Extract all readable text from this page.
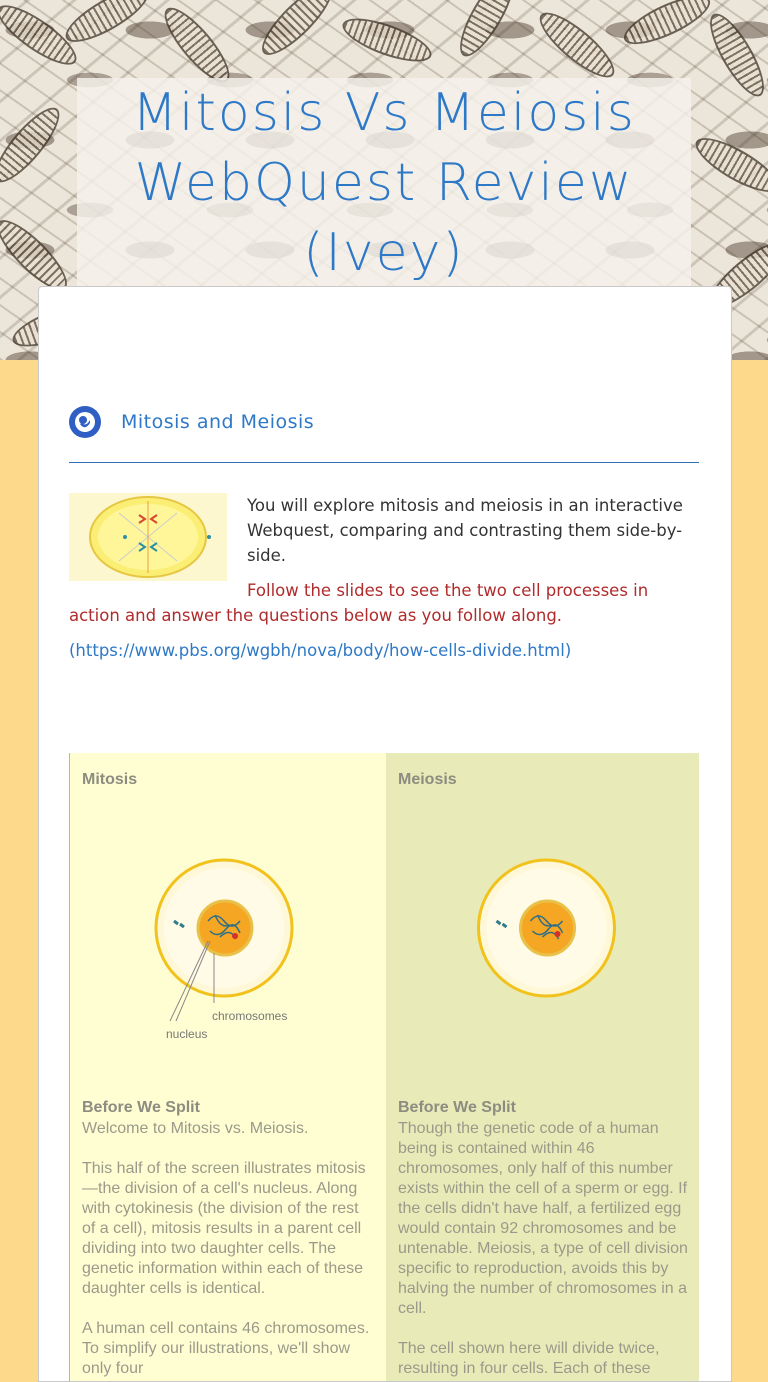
Mitosis Vs Meiosis WebQuest Review (Ivey)
Mitosis and Meiosis
You will explore mitosis and meiosis in an interactive Webquest, comparing and contrasting them side-by-side.
Follow the slides to see the two cell processes in action and answer the questions below as you follow along.
(https://www.pbs.org/wgbh/nova/body/how-cells-divide.html)
Mitosis
chromosomes
nucleus
Before We Split

Welcome to Mitosis vs. Meiosis.

This half of the screen illustrates mitosis—the division of a cell's nucleus. Along with cytokinesis (the division of the rest of a cell), mitosis results in a parent cell dividing into two daughter cells. The genetic information within each of these daughter cells is identical.

A human cell contains 46 chromosomes. To simplify our illustrations, we'll show only four

Meiosis
Before We Split

Though the genetic code of a human being is contained within 46 chromosomes, only half of this number exists within the cell of a sperm or egg. If the cells didn't have half, a fertilized egg would contain 92 chromosomes and be untenable. Meiosis, a type of cell division specific to reproduction, avoids this by halving the number of chromosomes in a cell.

The cell shown here will divide twice, resulting in four cells. Each of these
